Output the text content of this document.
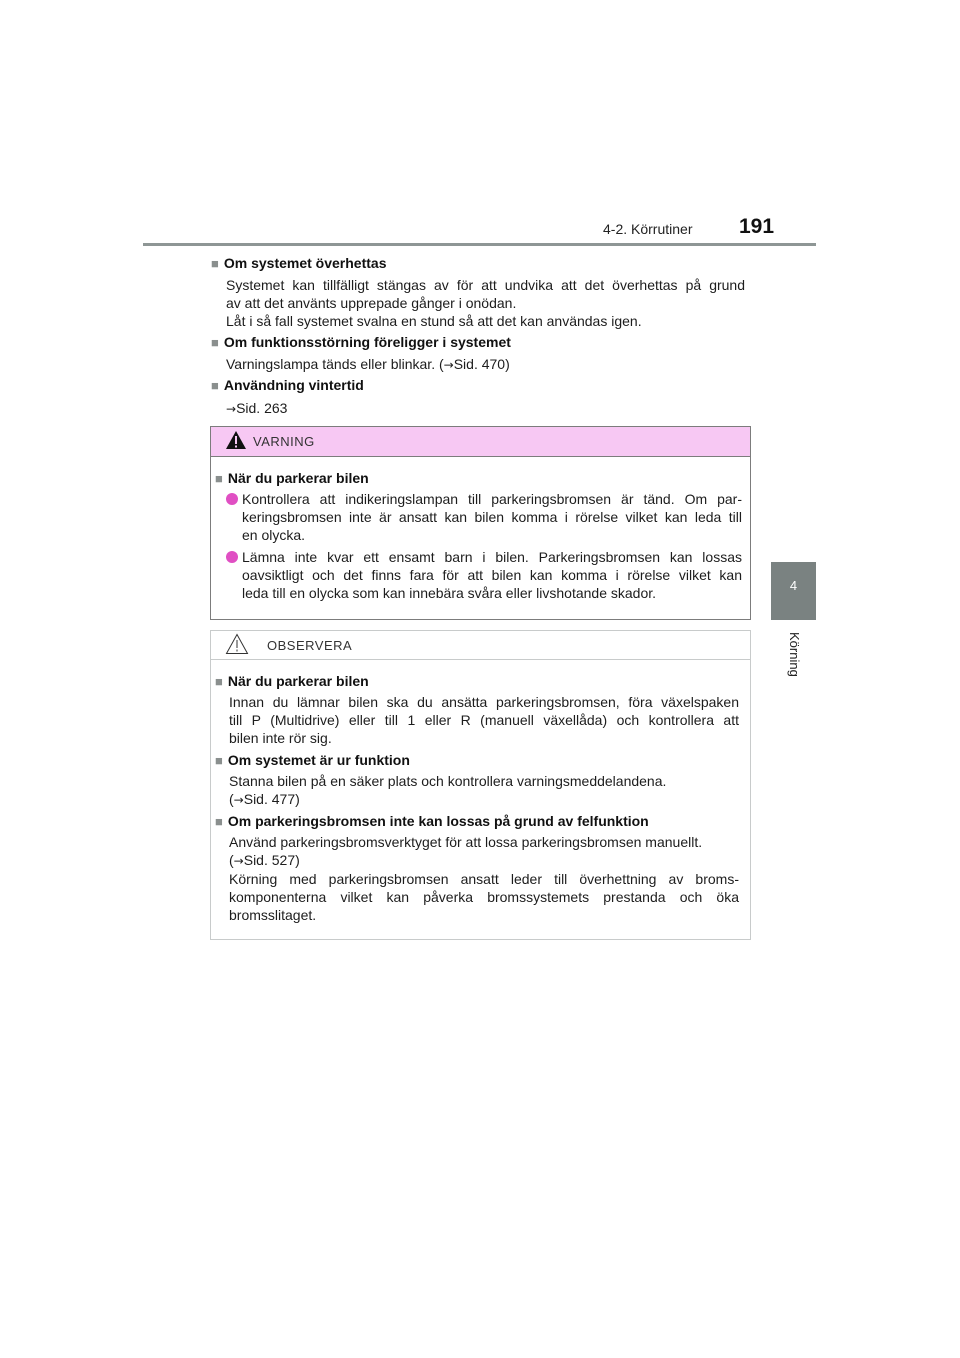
4-2. Körrutiner 191
4
Körning
■ Om systemet överhettas
Systemet kan tillfälligt stängas av för att undvika att det överhettas på grund
av att det använts upprepade gånger i onödan.
Låt i så fall systemet svalna en stund så att det kan användas igen.
■ Om funktionsstörning föreligger i systemet
Varningslampa tänds eller blinkar. (→Sid. 470)
■ Användning vintertid
→Sid. 263
VARNING
■ När du parkerar bilen
Kontrollera att indikeringslampan till parkeringsbromsen är tänd. Om par-
keringsbromsen inte är ansatt kan bilen komma i rörelse vilket kan leda till
en olycka.
Lämna inte kvar ett ensamt barn i bilen. Parkeringsbromsen kan lossas
oavsiktligt och det finns fara för att bilen kan komma i rörelse vilket kan
leda till en olycka som kan innebära svåra eller livshotande skador.
OBSERVERA
■ När du parkerar bilen
Innan du lämnar bilen ska du ansätta parkeringsbromsen, föra växelspaken
till P (Multidrive) eller till 1 eller R (manuell växellåda) och kontrollera att
bilen inte rör sig.
■ Om systemet är ur funktion
Stanna bilen på en säker plats och kontrollera varningsmeddelandena.
(→Sid. 477)
■ Om parkeringsbromsen inte kan lossas på grund av felfunktion
Använd parkeringsbromsverktyget för att lossa parkeringsbromsen manuellt.
(→Sid. 527)
Körning med parkeringsbromsen ansatt leder till överhettning av broms-
komponenterna vilket kan påverka bromssystemets prestanda och öka
bromsslitaget.
